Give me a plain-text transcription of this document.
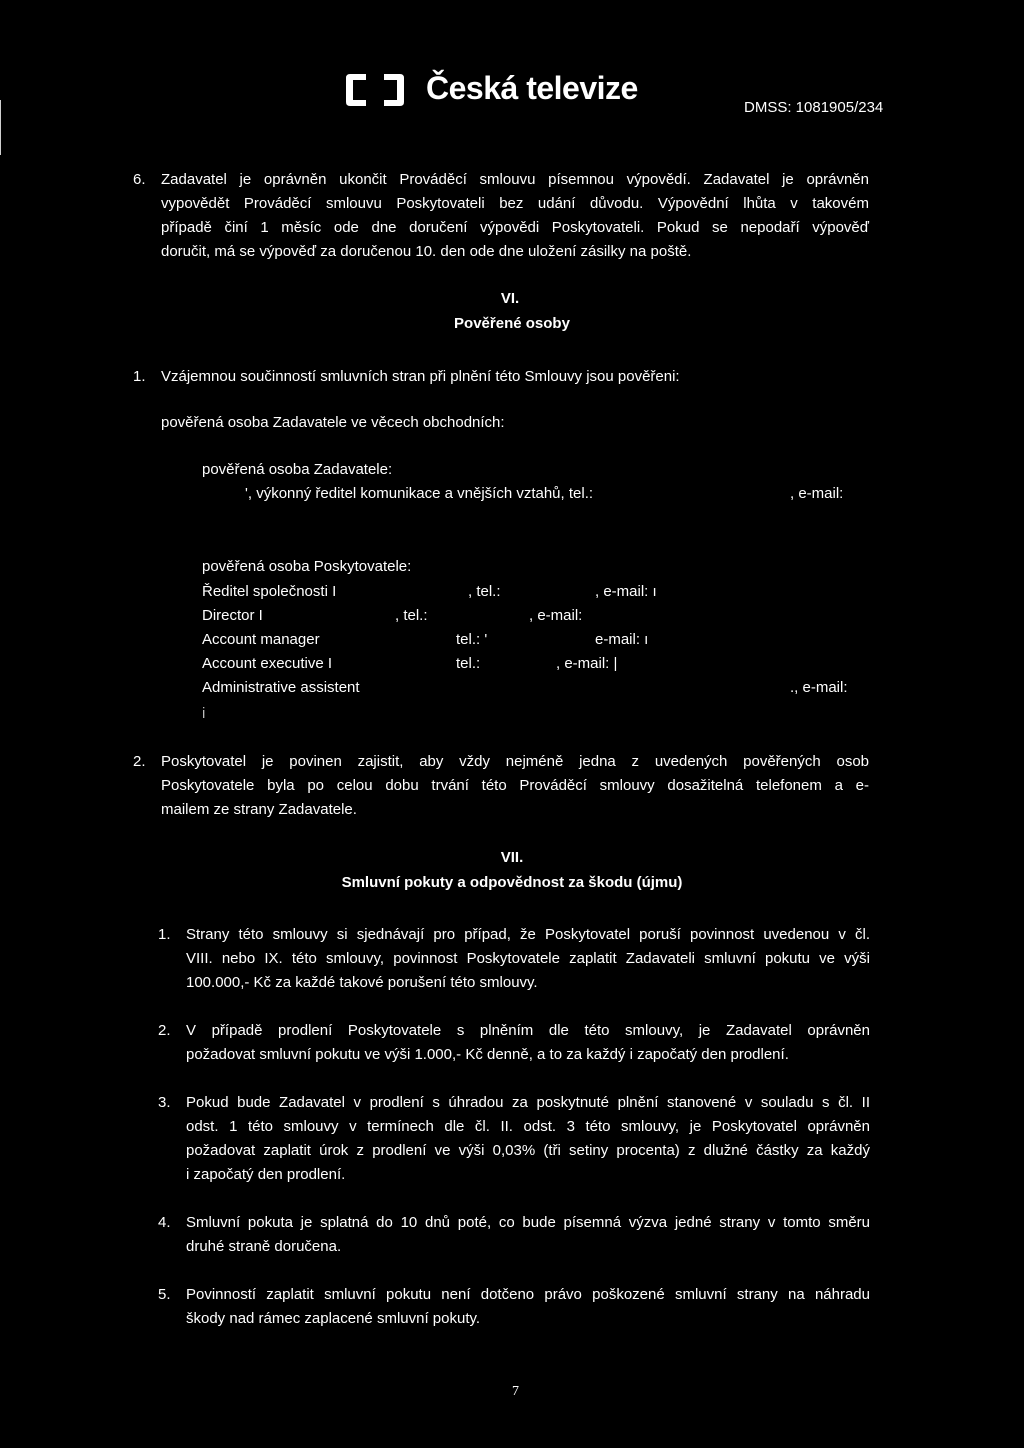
Česká televize
DMSS: 1081905/234
6. Zadavatel je oprávněn ukončit Prováděcí smlouvu písemnou výpovědí. Zadavatel je oprávněn
vypovědět Prováděcí smlouvu Poskytovateli bez udání důvodu. Výpovědní lhůta v takovém
případě činí 1 měsíc ode dne doručení výpovědi Poskytovateli. Pokud se nepodaří výpověď
doručit, má se výpověď za doručenou 10. den ode dne uložení zásilky na poště.
VI.
Pověřené osoby
1. Vzájemnou součinností smluvních stran při plnění této Smlouvy jsou pověřeni:
pověřená osoba Zadavatele ve věcech obchodních:
pověřená osoba Zadavatele:
', výkonný ředitel komunikace a vnějších vztahů, tel.:	, e-mail:
pověřená osoba Poskytovatele:
Ředitel společnosti I	, tel.:	, e-mail: ı
Director I	, tel.:	, e-mail:
Account manager	tel.: '	e-mail: ı
Account executive I	tel.:	, e-mail: |
Administrative assistent	., e-mail:
i
2. Poskytovatel je povinen zajistit, aby vždy nejméně jedna z uvedených pověřených osob
Poskytovatele byla po celou dobu trvání této Prováděcí smlouvy dosažitelná telefonem a e-
mailem ze strany Zadavatele.
VII.
Smluvní pokuty a odpovědnost za škodu (újmu)
1. Strany této smlouvy si sjednávají pro případ, že Poskytovatel poruší povinnost uvedenou v čl.
VIII. nebo IX. této smlouvy, povinnost Poskytovatele zaplatit Zadavateli smluvní pokutu ve výši
100.000,- Kč za každé takové porušení této smlouvy.
2. V případě prodlení Poskytovatele s plněním dle této smlouvy, je Zadavatel oprávněn
požadovat smluvní pokutu ve výši 1.000,- Kč denně, a to za každý i započatý den prodlení.
3. Pokud bude Zadavatel v prodlení s úhradou za poskytnuté plnění stanovené v souladu s čl. II
odst. 1 této smlouvy v termínech dle čl. II. odst. 3 této smlouvy, je Poskytovatel oprávněn
požadovat zaplatit úrok z prodlení ve výši 0,03% (tři setiny procenta) z dlužné částky za každý
i započatý den prodlení.
4. Smluvní pokuta je splatná do 10 dnů poté, co bude písemná výzva jedné strany v tomto směru
druhé straně doručena.
5. Povinností zaplatit smluvní pokutu není dotčeno právo poškozené smluvní strany na náhradu
škody nad rámec zaplacené smluvní pokuty.
7
